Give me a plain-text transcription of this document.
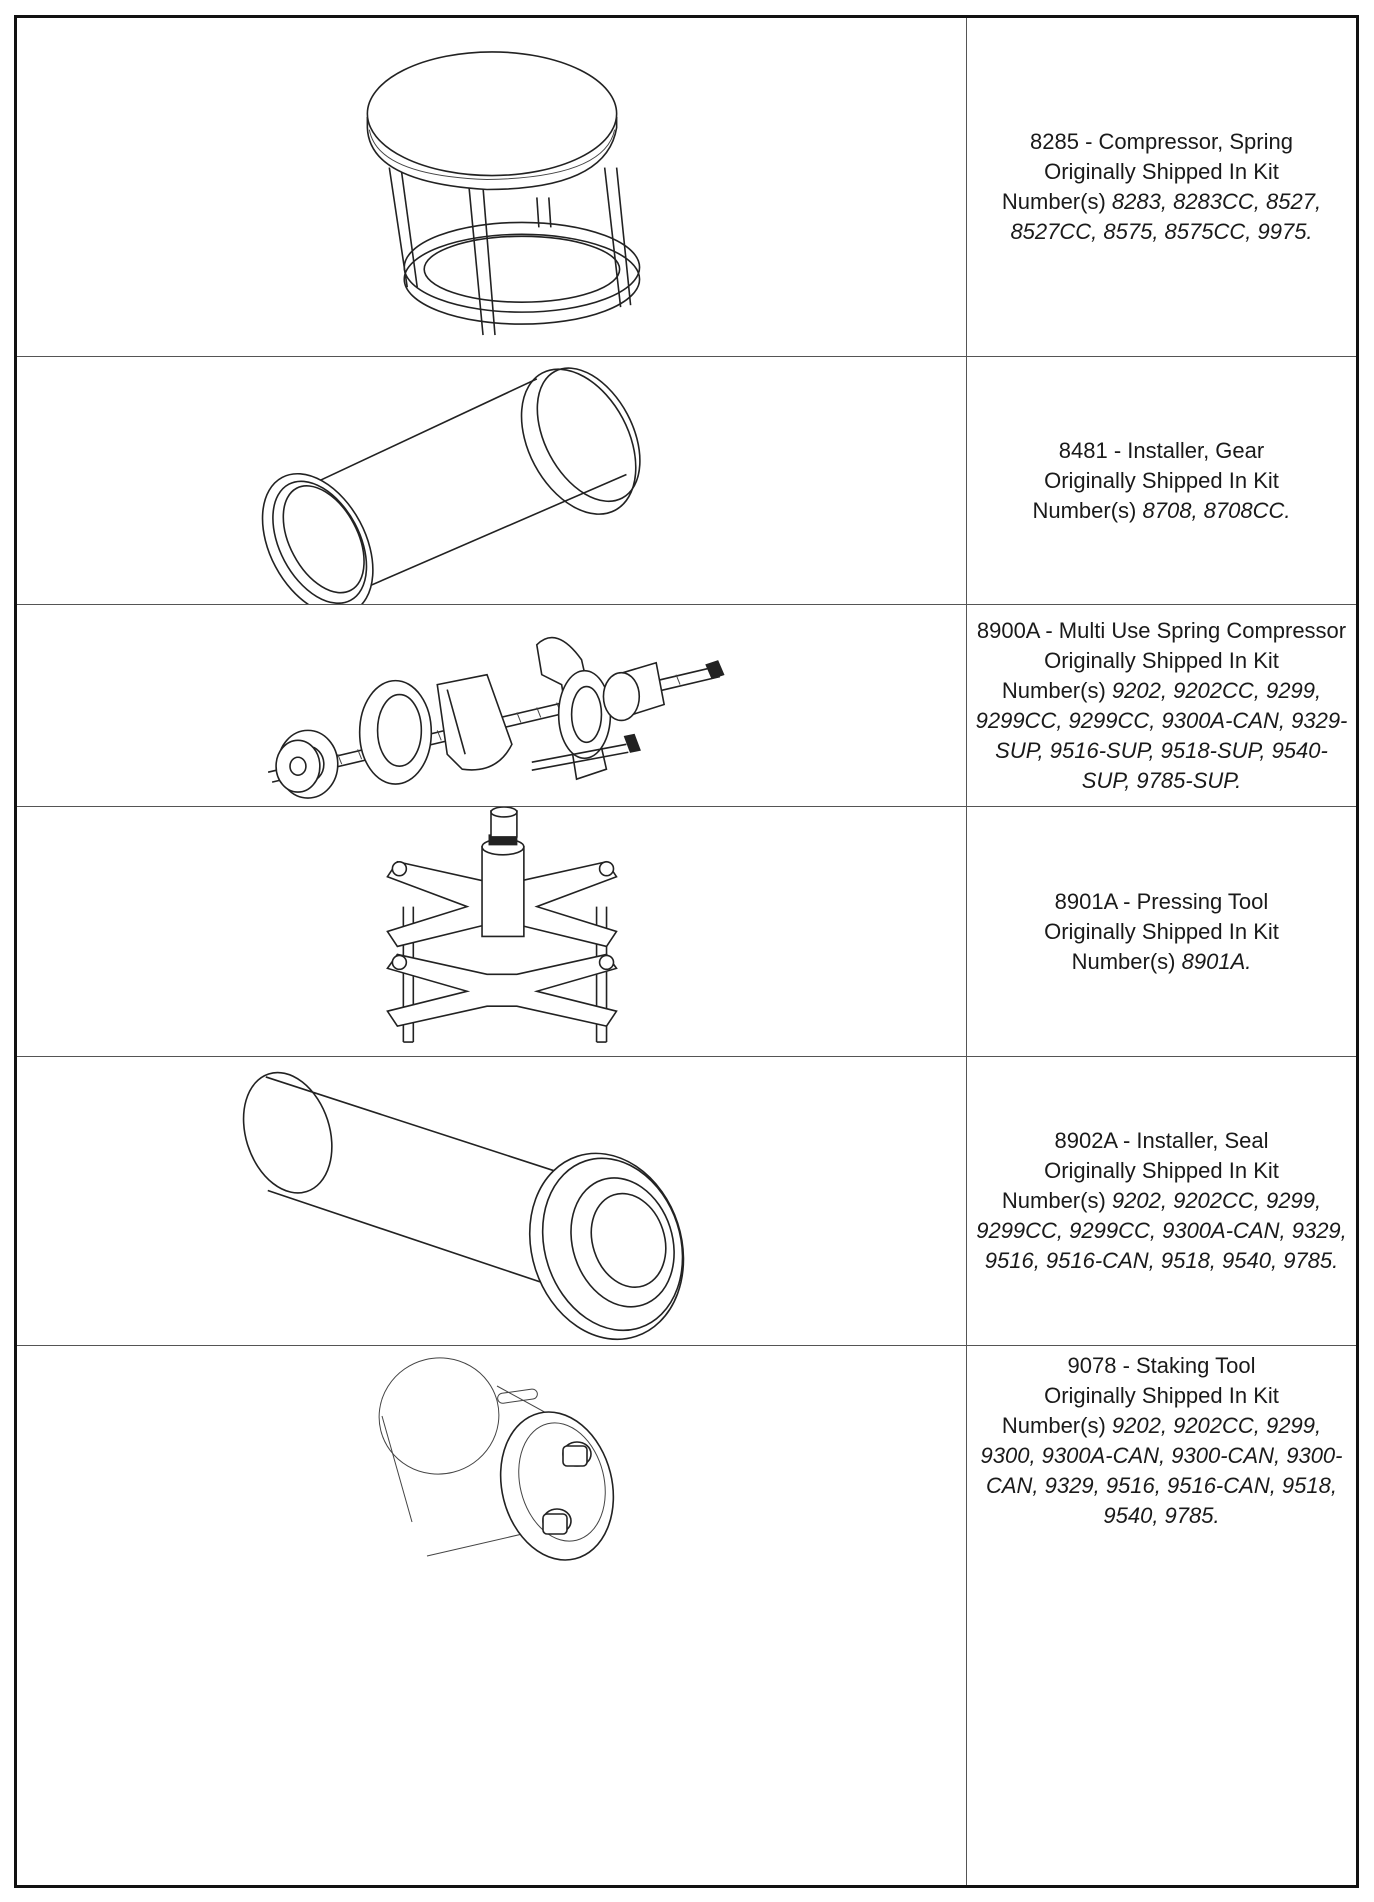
8285 - Compressor, Spring
Originally Shipped In Kit
Number(s) 8283, 8283CC, 8527, 8527CC, 8575, 8575CC, 9975.
8481 - Installer, Gear
Originally Shipped In Kit
Number(s) 8708, 8708CC.
8900A - Multi Use Spring Compressor
Originally Shipped In Kit
Number(s) 9202, 9202CC, 9299, 9299CC, 9299CC, 9300A-CAN, 9329-SUP, 9516-SUP, 9518-SUP, 9540-SUP, 9785-SUP.
8901A - Pressing Tool
Originally Shipped In Kit
Number(s) 8901A.
8902A - Installer, Seal
Originally Shipped In Kit
Number(s) 9202, 9202CC, 9299, 9299CC, 9299CC, 9300A-CAN, 9329, 9516, 9516-CAN, 9518, 9540, 9785.
9078 - Staking Tool
Originally Shipped In Kit
Number(s) 9202, 9202CC, 9299, 9300, 9300A-CAN, 9300-CAN, 9300-CAN, 9329, 9516, 9516-CAN, 9518, 9540, 9785.
